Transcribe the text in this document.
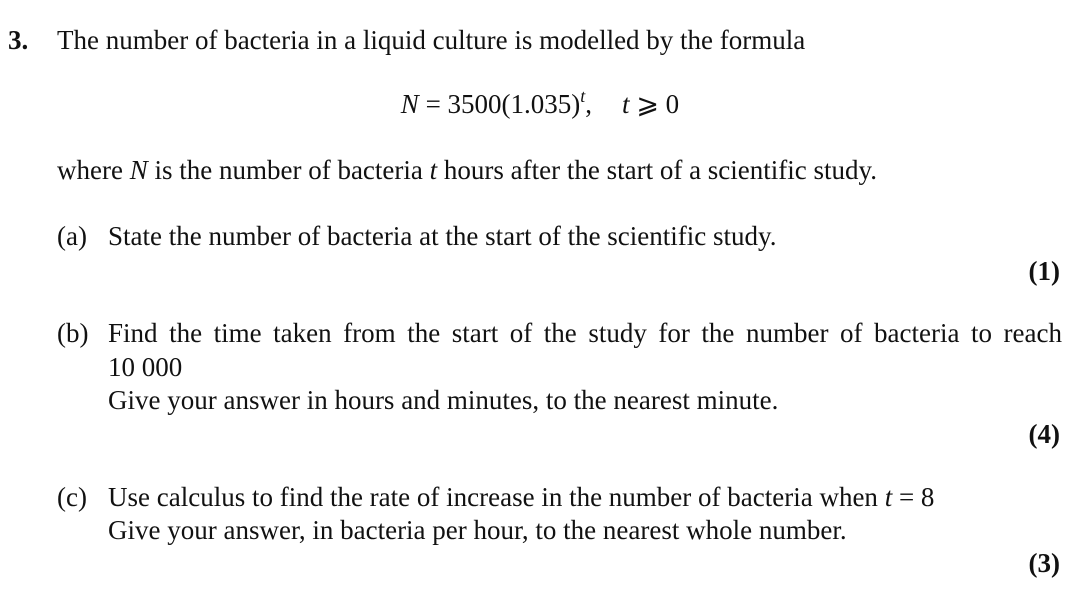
3. The number of bacteria in a liquid culture is modelled by the formula
$N = 3500(1.035)^t$, t ⩾ 0
where N is the number of bacteria t hours after the start of a scientific study.
(a) State the number of bacteria at the start of the scientific study.
(1)
(b) Find the time taken from the start of the study for the number of bacteria to reach
10 000
Give your answer in hours and minutes, to the nearest minute.
(4)
(c) Use calculus to find the rate of increase in the number of bacteria when t = 8
Give your answer, in bacteria per hour, to the nearest whole number.
(3)
